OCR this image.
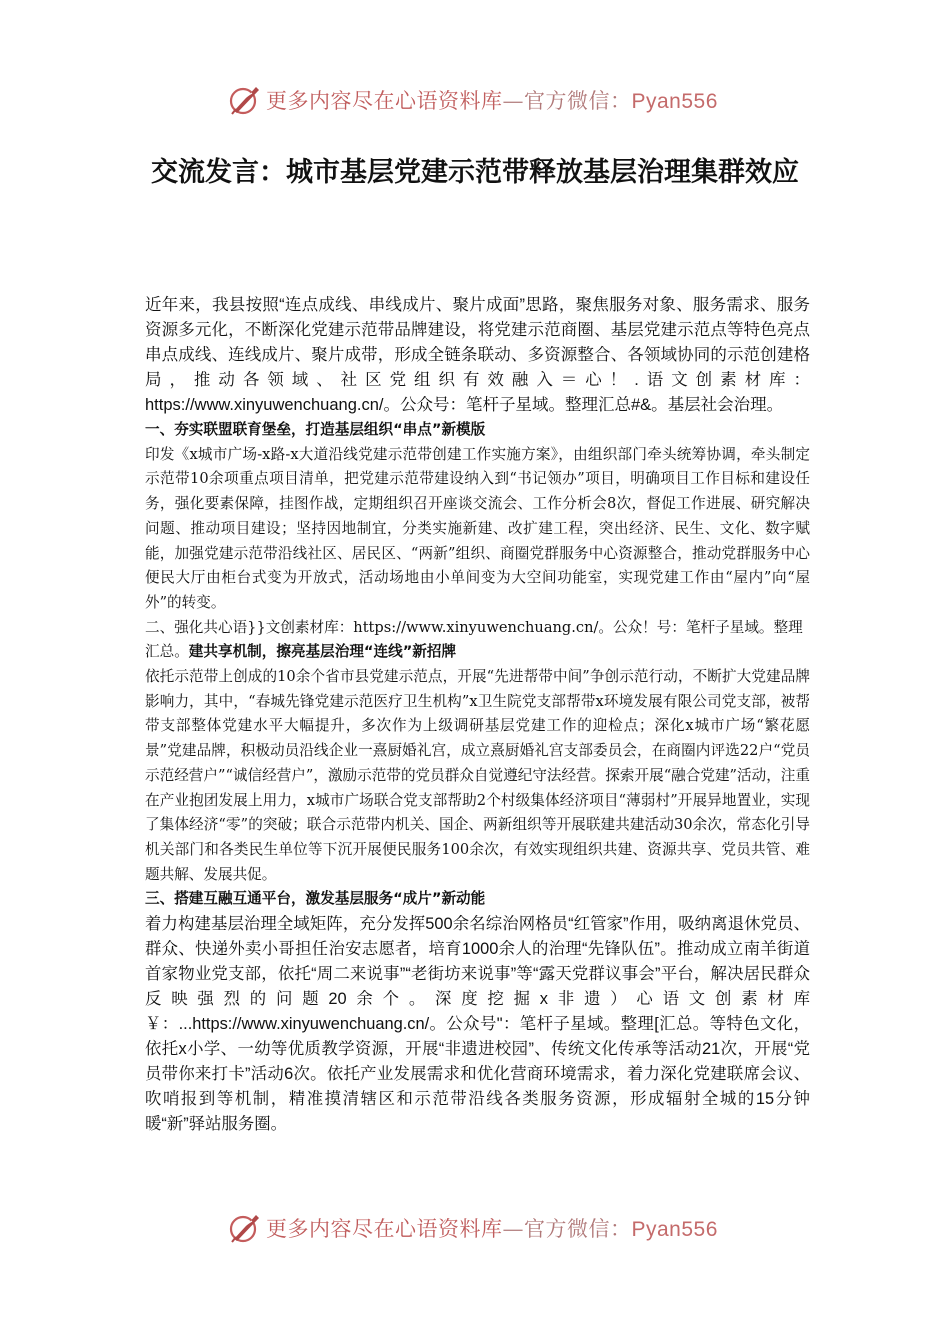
更多内容尽在心语资料库—官方微信：Pyan556
交流发言：城市基层党建示范带释放基层治理集群效应

近年来，我县按照“连点成线、串线成片、聚片成面”思路，聚焦服务对象、服务需求、服务资源多元化，不断深化党建示范带品牌建设，将党建示范商圈、基层党建示范点等特色亮点串点成线、连线成片、聚片成带，形成全链条联动、多资源整合、各领域协同的示范创建格局，推动各领域、社区党组织有效融入＝心！.语文创素材库：https://www.xinyuwenchuang.cn/。公众号：笔杆子星域。整理汇总#&。基层社会治理。

一、夯实联盟联育堡垒，打造基层组织“串点”新模版

印发《x城市广场-x路-x大道沿线党建示范带创建工作实施方案》，由组织部门牵头统筹协调，牵头制定示范带10余项重点项目清单，把党建示范带建设纳入到“书记领办”项目，明确项目工作目标和建设任务，强化要素保障，挂图作战，定期组织召开座谈交流会、工作分析会8次，督促工作进展、研究解决问题、推动项目建设；坚持因地制宜，分类实施新建、改扩建工程，突出经济、民生、文化、数字赋能，加强党建示范带沿线社区、居民区、“两新”组织、商圈党群服务中心资源整合，推动党群服务中心便民大厅由柜台式变为开放式，活动场地由小单间变为大空间功能室，实现党建工作由“屋内”向“屋外”的转变。

二、强化共心语}}文创素材库：https://www.xinyuwenchuang.cn/。公众！号：笔杆子星域。整理汇总。建共享机制，擦亮基层治理“连线”新招牌

依托示范带上创成的10余个省市县党建示范点，开展“先进帮带中间”争创示范行动，不断扩大党建品牌影响力，其中，“春城先锋党建示范医疗卫生机构”x卫生院党支部帮带x环境发展有限公司党支部，被帮带支部整体党建水平大幅提升，多次作为上级调研基层党建工作的迎检点；深化x城市广场“繁花愿景”党建品牌，积极动员沿线企业一熹厨婚礼宫，成立熹厨婚礼宫支部委员会，在商圈内评选22户“党员示范经营户”“诚信经营户”，激励示范带的党员群众自觉遵纪守法经营。探索开展“融合党建”活动，注重在产业抱团发展上用力，x城市广场联合党支部帮助2个村级集体经济项目“薄弱村”开展异地置业，实现了集体经济“零”的突破；联合示范带内机关、国企、两新组织等开展联建共建活动30余次，常态化引导机关部门和各类民生单位等下沉开展便民服务100余次，有效实现组织共建、资源共享、党员共管、难题共解、发展共促。

三、搭建互融互通平台，激发基层服务“成片”新动能

着力构建基层治理全域矩阵，充分发挥500余名综治网格员“红管家”作用，吸纳离退休党员、群众、快递外卖小哥担任治安志愿者，培育1000余人的治理“先锋队伍”。推动成立南羊街道首家物业党支部，依托“周二来说事”“老街坊来说事”等“露天党群议事会”平台，解决居民群众反映强烈的问题20余个。深度挖掘x非遗）心语文创素材库￥：...https://www.xinyuwenchuang.cn/。公众号"：笔杆子星域。整理[汇总。等特色文化，依托x小学、一幼等优质教学资源，开展“非遗进校园”、传统文化传承等活动21次，开展“党员带你来打卡”活动6次。依托产业发展需求和优化营商环境需求，着力深化党建联席会议、吹哨报到等机制，精准摸清辖区和示范带沿线各类服务资源，形成辐射全城的15分钟暖“新”驿站服务圈。

更多内容尽在心语资料库—官方微信：Pyan556
